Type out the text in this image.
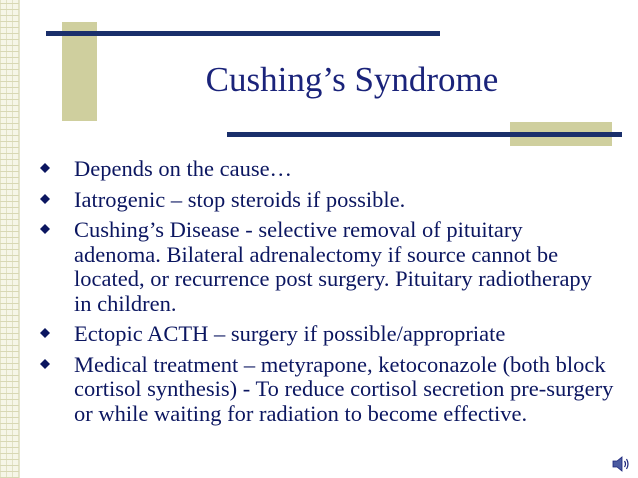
Cushing’s Syndrome
Depends on the cause…
Iatrogenic – stop steroids if possible.
Cushing’s Disease - selective removal of pituitary adenoma. Bilateral adrenalectomy if source cannot be located, or recurrence post surgery. Pituitary radiotherapy in children.
Ectopic ACTH – surgery if possible/appropriate
Medical treatment – metyrapone, ketoconazole (both block cortisol synthesis) - To reduce cortisol secretion pre-surgery or while waiting for radiation to become effective.
